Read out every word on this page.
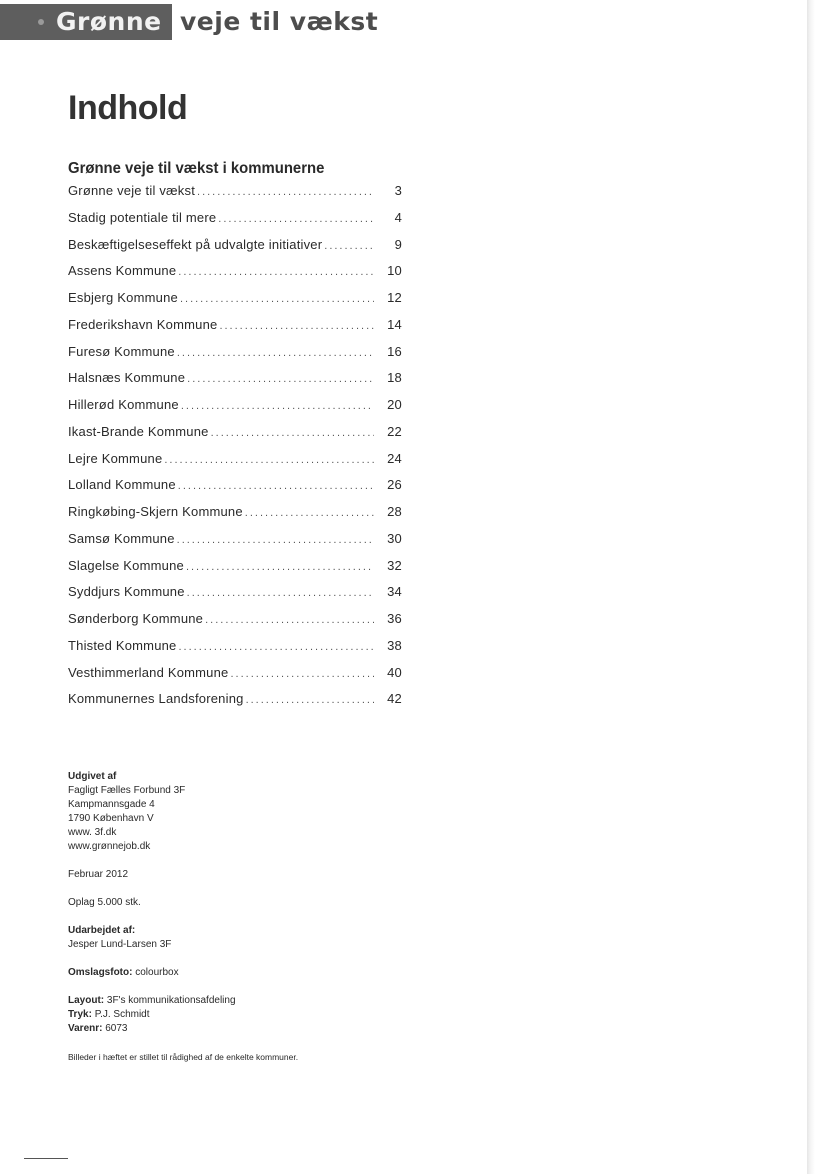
Grønne veje til vækst
Indhold
Grønne veje til vækst i kommunerne
Grønne veje til vækst .....	3
Stadig potentiale til mere .....	4
Beskæftigelseseffekt på udvalgte initiativer .....	9
Assens Kommune .....	10
Esbjerg Kommune .....	12
Frederikshavn Kommune .....	14
Furesø Kommune .....	16
Halsnæs Kommune .....	18
Hillerød Kommune .....	20
Ikast-Brande Kommune .....	22
Lejre Kommune .....	24
Lolland Kommune .....	26
Ringkøbing-Skjern Kommune .....	28
Samsø Kommune .....	30
Slagelse Kommune .....	32
Syddjurs Kommune .....	34
Sønderborg Kommune .....	36
Thisted Kommune .....	38
Vesthimmerland Kommune .....	40
Kommunernes Landsforening .....	42

Udgivet af

Fagligt Fælles Forbund 3F

Kampmannsgade 4

1790 København V

www. 3f.dk

www.grønnejob.dk

Februar 2012

Oplag 5.000 stk.

Udarbejdet af:

Jesper Lund-Larsen 3F

Omslagsfoto: colourbox

Layout: 3F's kommunikationsafdeling

Tryk: P.J. Schmidt

Varenr: 6073

Billeder i hæftet er stillet til rådighed af de enkelte kommuner.
